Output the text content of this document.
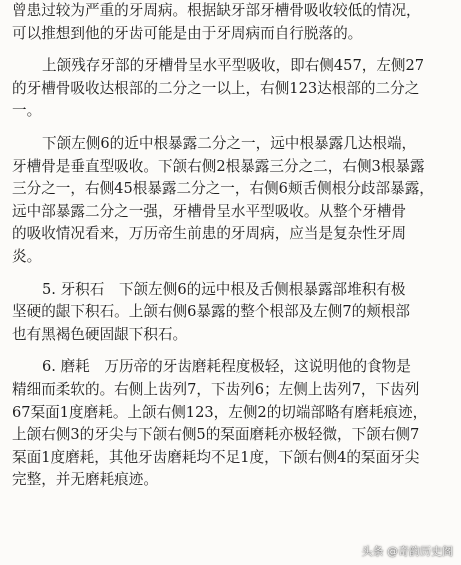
曾患过较为严重的牙周病。根据缺牙部牙槽骨吸收较低的情况，
可以推想到他的牙齿可能是由于牙周病而自行脱落的。
上颌残存牙部的牙槽骨呈水平型吸收，即右侧457，左侧27
的牙槽骨吸收达根部的二分之一以上，右侧123达根部的二分之
一。
下颌左侧6的近中根暴露二分之一，远中根暴露几达根端，
牙槽骨是垂直型吸收。下颌右侧2根暴露三分之二，右侧3根暴露
三分之一，右侧45根暴露二分之一，右侧6颊舌侧根分歧部暴露，
远中部暴露二分之一强，牙槽骨呈水平型吸收。从整个牙槽骨
的吸收情况看来，万历帝生前患的牙周病，应当是复杂性牙周
炎。
5. 牙积石　下颌左侧6的远中根及舌侧根暴露部堆积有极
坚硬的龈下积石。上颌右侧6暴露的整个根部及左侧7的颊根部
也有黑褐色硬固龈下积石。
6. 磨耗　万历帝的牙齿磨耗程度极轻，这说明他的食物是
精细而柔软的。右侧上齿列7，下齿列6；左侧上齿列7，下齿列
67䂞面1度磨耗。上颌右侧123，左侧2的切端部略有磨耗痕迹，
上颌右侧3的牙尖与下颌右侧5的䂞面磨耗亦极轻微，下颌右侧7
䂞面1度磨耗，其他牙齿磨耗均不足1度，下颌右侧4的䂞面牙尖
完整，并无磨耗痕迹。
头条 @奇韵历史阁
